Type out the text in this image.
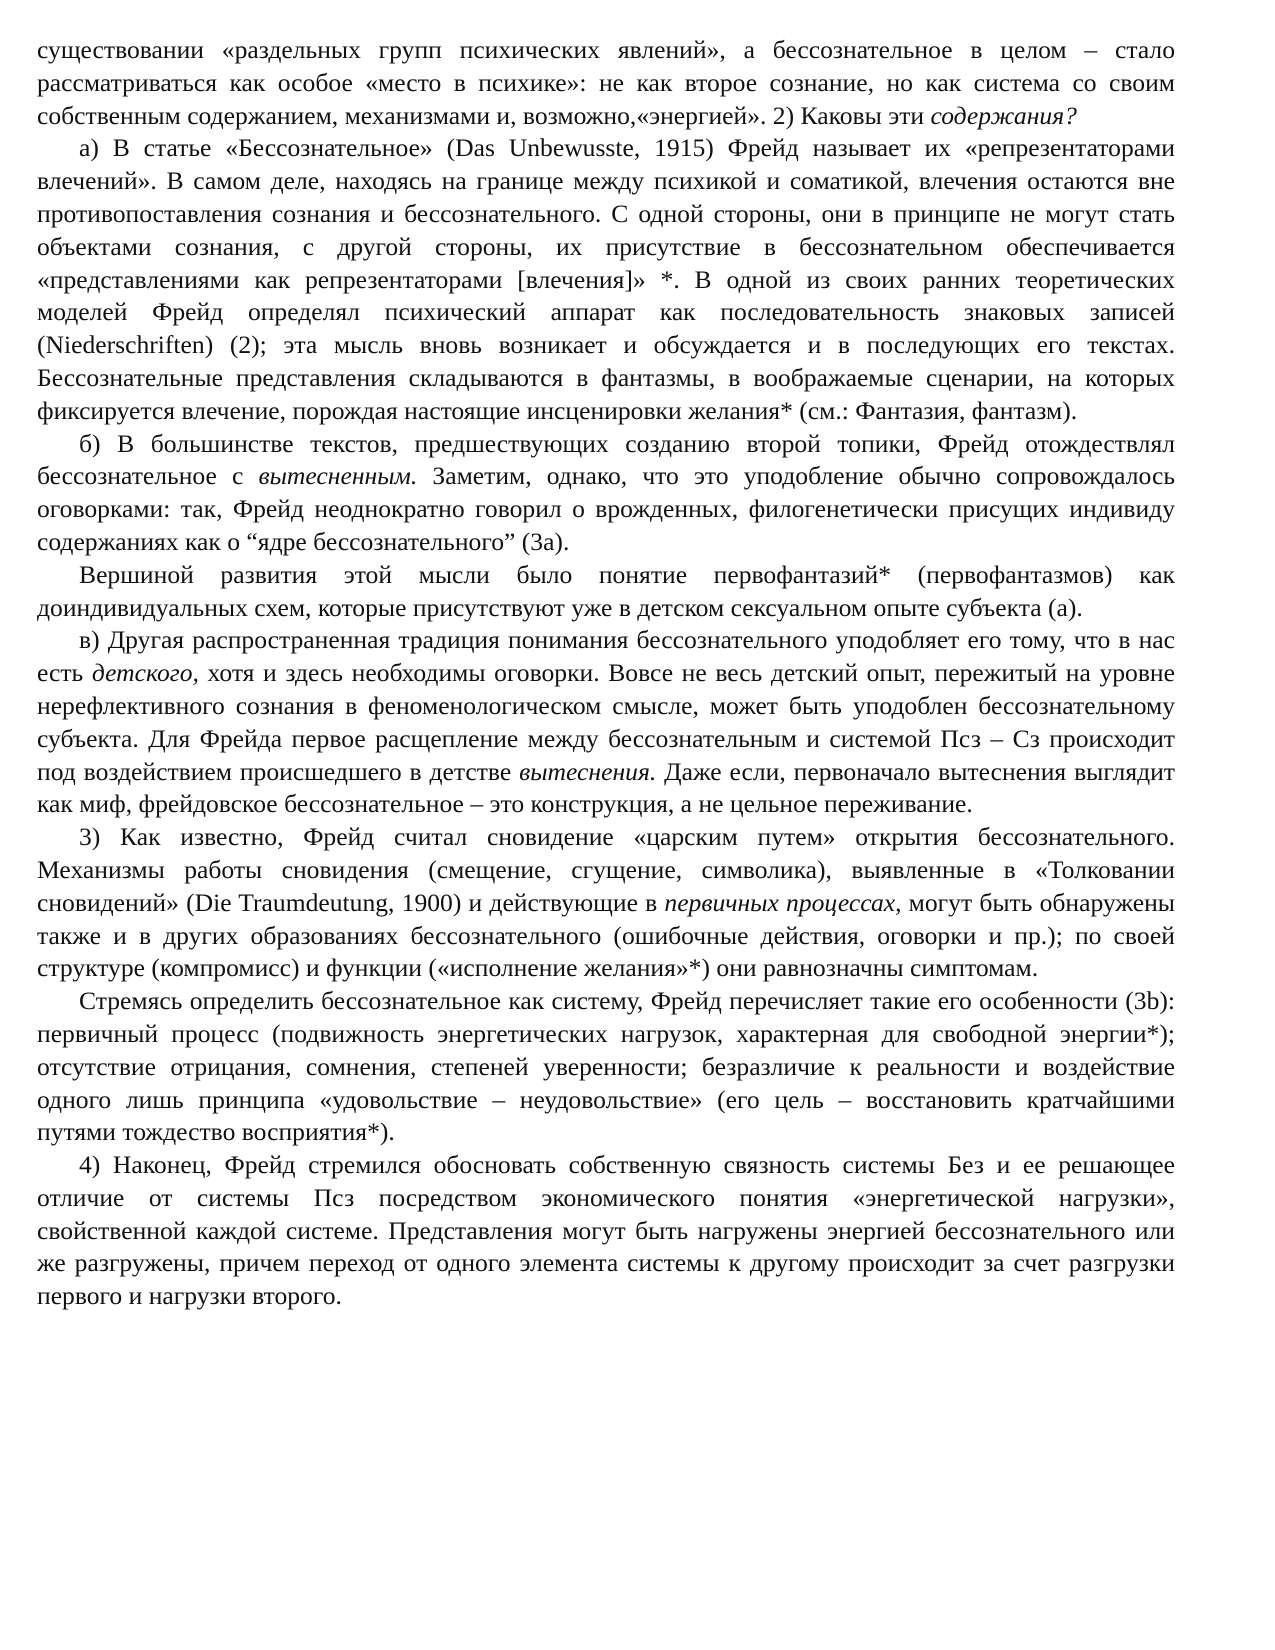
существовании «раздельных групп психических явлений», а бессознательное в целом – стало рассматриваться как особое «место в психике»: не как второе сознание, но как система со своим собственным содержанием, механизмами и, возможно,«энергией». 2) Каковы эти содержания?

а) В статье «Бессознательное» (Das Unbewusste, 1915) Фрейд называет их «репрезентаторами влечений». В самом деле, находясь на границе между психикой и соматикой, влечения остаются вне противопоставления сознания и бессознательного. С одной стороны, они в принципе не могут стать объектами сознания, с другой стороны, их присутствие в бессознательном обеспечивается «представлениями как репрезентаторами [влечения]» *. В одной из своих ранних теоретических моделей Фрейд определял психический аппарат как последовательность знаковых записей (Niederschriften) (2); эта мысль вновь возникает и обсуждается и в последующих его текстах. Бессознательные представления складываются в фантазмы, в воображаемые сценарии, на которых фиксируется влечение, порождая настоящие инсценировки желания* (см.: Фантазия, фантазм).

б) В большинстве текстов, предшествующих созданию второй топики, Фрейд отождествлял бессознательное с вытесненным. Заметим, однако, что это уподобление обычно сопровождалось оговорками: так, Фрейд неоднократно говорил о врожденных, филогенетически присущих индивиду содержаниях как о “ядре бессознательного” (3а).

Вершиной развития этой мысли было понятие первофантазий* (первофантазмов) как доиндивидуальных схем, которые присутствуют уже в детском сексуальном опыте субъекта (а).

в) Другая распространенная традиция понимания бессознательного уподобляет его тому, что в нас есть детского, хотя и здесь необходимы оговорки. Вовсе не весь детский опыт, пережитый на уровне нерефлективного сознания в феноменологическом смысле, может быть уподоблен бессознательному субъекта. Для Фрейда первое расщепление между бессознательным и системой Псз – Сз происходит под воздействием происшедшего в детстве вытеснения. Даже если, первоначало вытеснения выглядит как миф, фрейдовское бессознательное – это конструкция, а не цельное переживание.

3) Как известно, Фрейд считал сновидение «царским путем» открытия бессознательного. Механизмы работы сновидения (смещение, сгущение, символика), выявленные в «Толковании сновидений» (Die Traumdeutung, 1900) и действующие в первичных процессах, могут быть обнаружены также и в других образованиях бессознательного (ошибочные действия, оговорки и пр.); по своей структуре (компромисс) и функции («исполнение желания»*) они равнозначны симптомам.

Стремясь определить бессознательное как систему, Фрейд перечисляет такие его особенности (3b): первичный процесс (подвижность энергетических нагрузок, характерная для свободной энергии*); отсутствие отрицания, сомнения, степеней уверенности; безразличие к реальности и воздействие одного лишь принципа «удовольствие – неудовольствие» (его цель – восстановить кратчайшими путями тождество восприятия*).

4) Наконец, Фрейд стремился обосновать собственную связность системы Без и ее решающее отличие от системы Псз посредством экономического понятия «энергетической нагрузки», свойственной каждой системе. Представления могут быть нагружены энергией бессознательного или же разгружены, причем переход от одного элемента системы к другому происходит за счет разгрузки первого и нагрузки второго.
